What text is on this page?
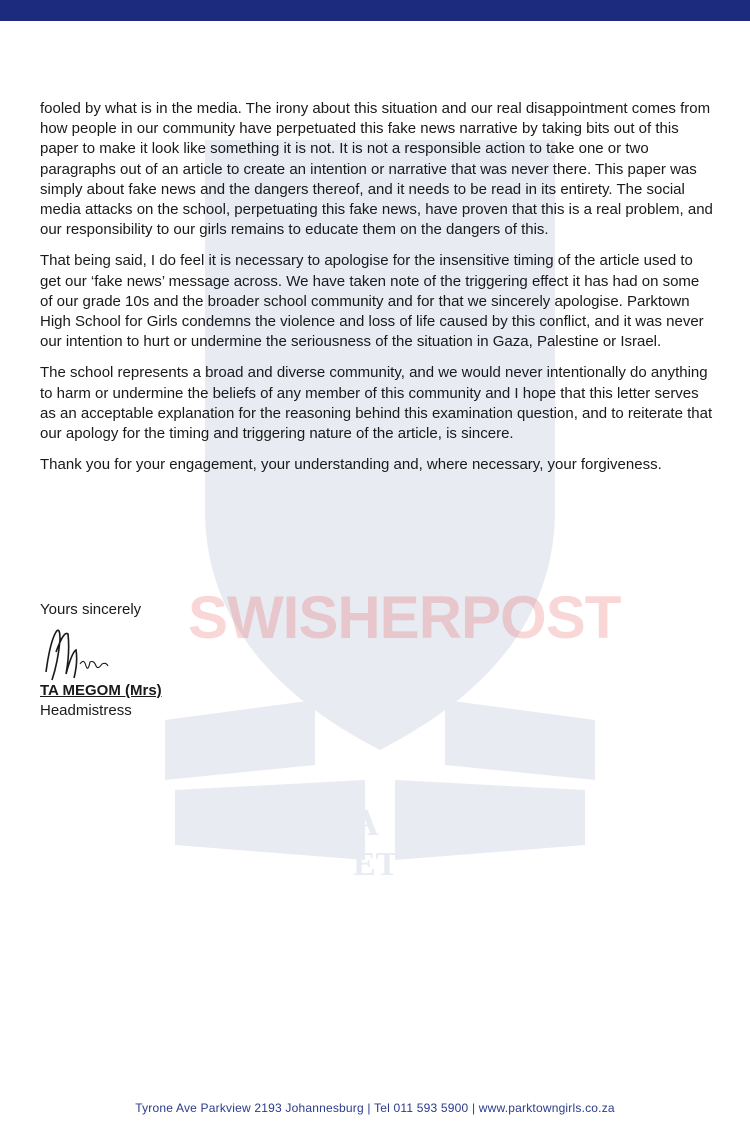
EST.	1923
SCIENTIA VERITAS
ET

fooled by what is in the media. The irony about this situation and our real disappointment comes from how people in our community have perpetuated this fake news narrative by taking bits out of this paper to make it look like something it is not. It is not a responsible action to take one or two paragraphs out of an article to create an intention or narrative that was never there. This paper was simply about fake news and the dangers thereof, and it needs to be read in its entirety. The social media attacks on the school, perpetuating this fake news, have proven that this is a real problem, and our responsibility to our girls remains to educate them on the dangers of this.

That being said, I do feel it is necessary to apologise for the insensitive timing of the article used to get our ‘fake news’ message across. We have taken note of the triggering effect it has had on some of our grade 10s and the broader school community and for that we sincerely apologise. Parktown High School for Girls condemns the violence and loss of life caused by this conflict, and it was never our intention to hurt or undermine the seriousness of the situation in Gaza, Palestine or Israel.

The school represents a broad and diverse community, and we would never intentionally do anything to harm or undermine the beliefs of any member of this community and I hope that this letter serves as an acceptable explanation for the reasoning behind this examination question, and to reiterate that our apology for the timing and triggering nature of the article, is sincere.

Thank you for your engagement, your understanding and, where necessary, your forgiveness.

SWISHERPOST
Yours sincerely
TA MEGOM (Mrs)
Headmistress
Tyrone Ave Parkview 2193 Johannesburg | Tel 011 593 5900 | www.parktowngirls.co.za
